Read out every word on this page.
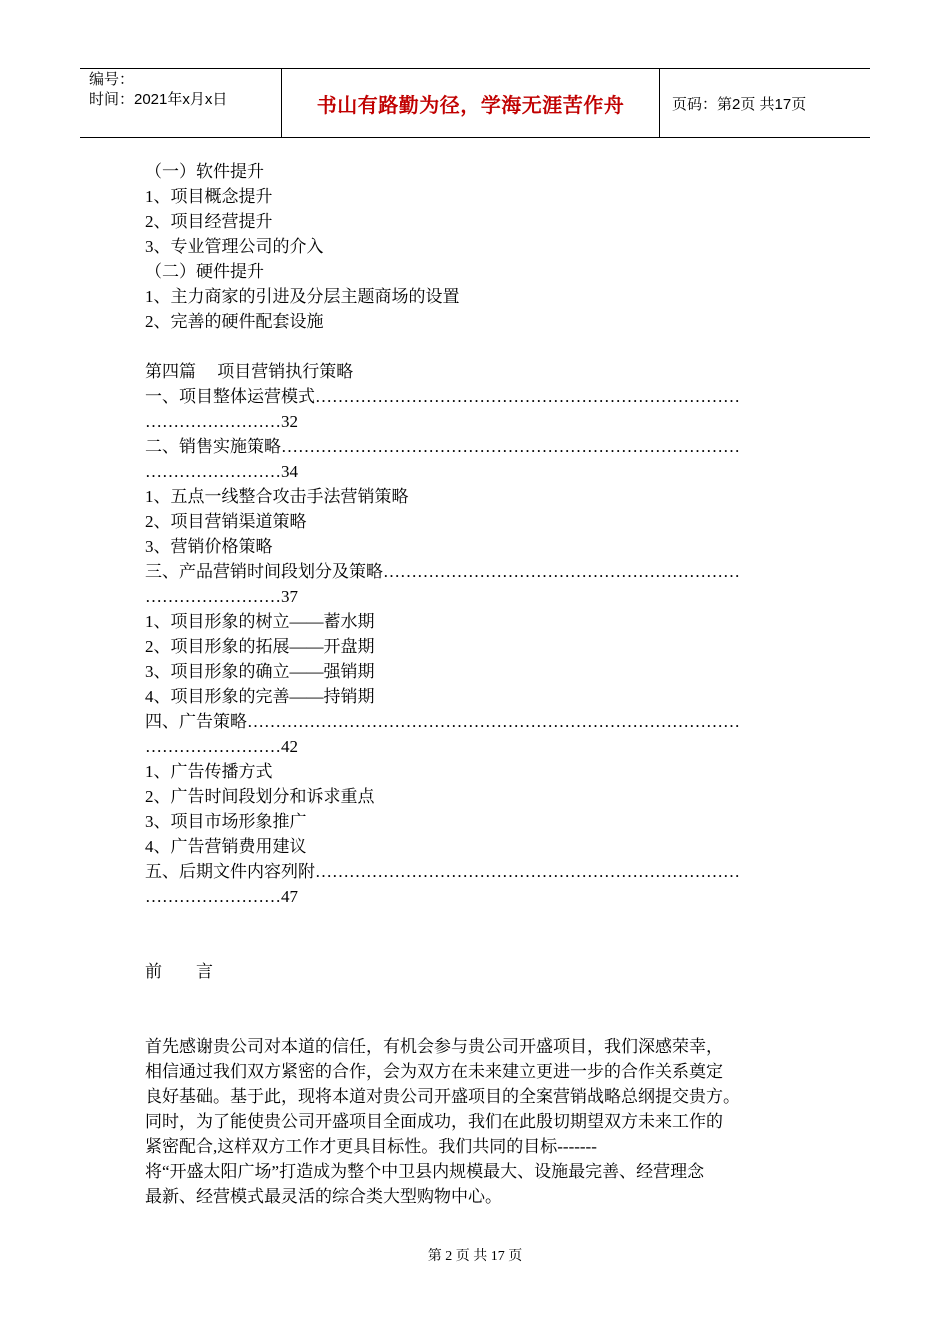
编号：
时间：2021年x月x日	书山有路勤为径，学海无涯苦作舟	页码：第2页 共17页
（一）软件提升
1、项目概念提升
2、项目经营提升
3、专业管理公司的介入
（二）硬件提升
1、主力商家的引进及分层主题商场的设置
2、完善的硬件配套设施
第四篇　 项目营销执行策略
一、项目整体运营模式…………………………………………………………………
……………………32
二、销售实施策略………………………………………………………………………
……………………34
1、五点一线整合攻击手法营销策略
2、项目营销渠道策略
3、营销价格策略
三、产品营销时间段划分及策略………………………………………………………
……………………37
1、项目形象的树立——蓄水期
2、项目形象的拓展——开盘期
3、项目形象的确立——强销期
4、项目形象的完善——持销期
四、广告策略……………………………………………………………………………
……………………42
1、广告传播方式
2、广告时间段划分和诉求重点
3、项目市场形象推广
4、广告营销费用建议
五、后期文件内容列附…………………………………………………………………
……………………47
前 言
首先感谢贵公司对本道的信任，有机会参与贵公司开盛项目，我们深感荣幸，
相信通过我们双方紧密的合作，会为双方在未来建立更进一步的合作关系奠定
良好基础。基于此，现将本道对贵公司开盛项目的全案营销战略总纲提交贵方。
同时，为了能使贵公司开盛项目全面成功，我们在此殷切期望双方未来工作的
紧密配合,这样双方工作才更具目标性。我们共同的目标-------
将“开盛太阳广场”打造成为整个中卫县内规模最大、设施最完善、经营理念
最新、经营模式最灵活的综合类大型购物中心。
第 2 页 共 17 页
